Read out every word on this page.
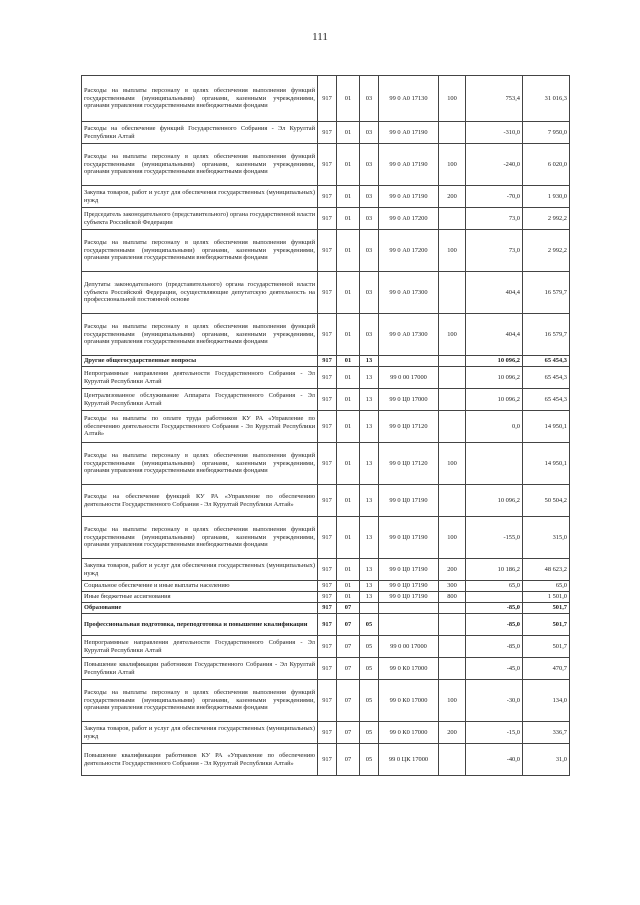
111
Расходы на выплаты персоналу в целях обеспечения выполнения функций государственными (муниципальными) органами, казенными учреждениями, органами управления государственными внебюджетными фондами	917	01	03	99 0 А0 17130	100	753,4	31 016,3
Расходы на обеспечение функций Государственного Собрания - Эл Курултай Республики Алтай	917	01	03	99 0 А0 17190		-310,0	7 950,0
Расходы на выплаты персоналу в целях обеспечения выполнения функций государственными (муниципальными) органами, казенными учреждениями, органами управления государственными внебюджетными фондами	917	01	03	99 0 А0 17190	100	-240,0	6 020,0
Закупка товаров, работ и услуг для обеспечения государственных (муниципальных) нужд	917	01	03	99 0 А0 17190	200	-70,0	1 930,0
Председатель законодательного (представительного) органа государственной власти субъекта Российской Федерации	917	01	03	99 0 А0 17200		73,0	2 992,2
Расходы на выплаты персоналу в целях обеспечения выполнения функций государственными (муниципальными) органами, казенными учреждениями, органами управления государственными внебюджетными фондами	917	01	03	99 0 А0 17200	100	73,0	2 992,2
Депутаты законодательного (представительного) органа государственной власти субъекта Российской Федерации, осуществляющие депутатскую деятельность на профессиональной постоянной основе	917	01	03	99 0 А0 17300		404,4	16 579,7
Расходы на выплаты персоналу в целях обеспечения выполнения функций государственными (муниципальными) органами, казенными учреждениями, органами управления государственными внебюджетными фондами	917	01	03	99 0 А0 17300	100	404,4	16 579,7
Другие общегосударственные вопросы	917	01	13			10 096,2	65 454,3
Непрограммные направления деятельности Государственного Собрания - Эл Курултай Республики Алтай	917	01	13	99 0 00 17000		10 096,2	65 454,3
Централизованное обслуживание Аппарата Государственного Собрания - Эл Курултай Республики Алтай	917	01	13	99 0 Ц0 17000		10 096,2	65 454,3
Расходы на выплаты по оплате труда работников КУ РА «Управление по обеспечению деятельности Государственного Собрания - Эл Курултай Республики Алтай»	917	01	13	99 0 Ц0 17120		0,0	14 950,1
Расходы на выплаты персоналу в целях обеспечения выполнения функций государственными (муниципальными) органами, казенными учреждениями, органами управления государственными внебюджетными фондами	917	01	13	99 0 Ц0 17120	100		14 950,1
Расходы на обеспечение функций КУ РА «Управление по обеспечению деятельности Государственного Собрания - Эл Курултай Республики Алтай»	917	01	13	99 0 Ц0 17190		10 096,2	50 504,2
Расходы на выплаты персоналу в целях обеспечения выполнения функций государственными (муниципальными) органами, казенными учреждениями, органами управления государственными внебюджетными фондами	917	01	13	99 0 Ц0 17190	100	-155,0	315,0
Закупка товаров, работ и услуг для обеспечения государственных (муниципальных) нужд	917	01	13	99 0 Ц0 17190	200	10 186,2	48 623,2
Социальное обеспечение и иные выплаты населению	917	01	13	99 0 Ц0 17190	300	65,0	65,0
Иные бюджетные ассигнования	917	01	13	99 0 Ц0 17190	800		1 501,0
Образование	917	07				-85,0	501,7
Профессиональная подготовка, переподготовка и повышение квалификации	917	07	05			-85,0	501,7
Непрограммные направления деятельности Государственного Собрания - Эл Курултай Республики Алтай	917	07	05	99 0 00 17000		-85,0	501,7
Повышение квалификации работников Государственного Собрания - Эл Курултай Республики Алтай	917	07	05	99 0 К0 17000		-45,0	470,7
Расходы на выплаты персоналу в целях обеспечения выполнения функций государственными (муниципальными) органами, казенными учреждениями, органами управления государственными внебюджетными фондами	917	07	05	99 0 К0 17000	100	-30,0	134,0
Закупка товаров, работ и услуг для обеспечения государственных (муниципальных) нужд	917	07	05	99 0 К0 17000	200	-15,0	336,7
Повышение квалификации работников КУ РА «Управление по обеспечению деятельности Государственного Собрания - Эл Курултай Республики Алтай»	917	07	05	99 0 ЦК 17000		-40,0	31,0
